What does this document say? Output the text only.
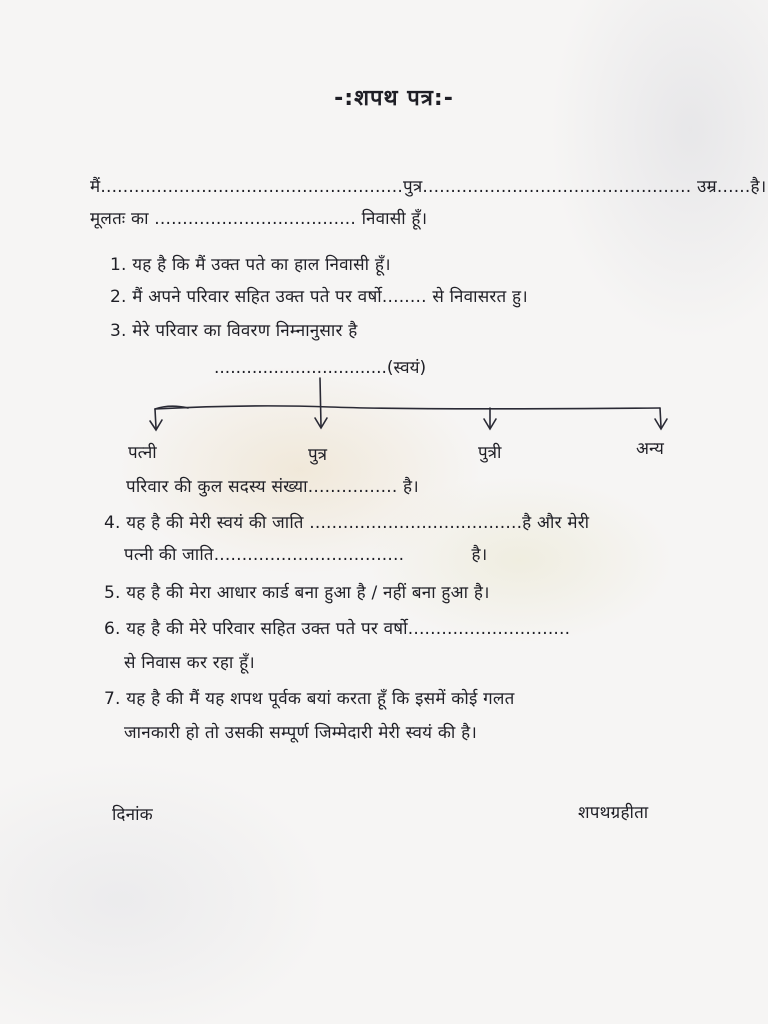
-:शपथ पत्र:-
मैं......................................................पुत्र................................................ उम्र......है।
मूलतः का .................................... निवासी हूँ।
1. यह है कि मैं उक्त पते का हाल निवासी हूँ।
2. मैं अपने परिवार सहित उक्त पते पर वर्षो........ से निवासरत हु।
3. मेरे परिवार का विवरण निम्नानुसार है
................................(स्वयं)
पत्नी	पुत्र	पुत्री	अन्य
परिवार की कुल सदस्य संख्या................ है।
4. यह है की मेरी स्वयं की जाति ......................................है और मेरी
पत्नी की जाति..................................            है।
5. यह है की मेरा आधार कार्ड बना हुआ है / नहीं बना हुआ है।
6. यह है की मेरे परिवार सहित उक्त पते पर वर्षो.............................
से निवास कर रहा हूँ।
7. यह है की मैं यह शपथ पूर्वक बयां करता हूँ कि इसमें कोई गलत
जानकारी हो तो उसकी सम्पूर्ण जिम्मेदारी मेरी स्वयं की है।
दिनांक	शपथग्रहीता
